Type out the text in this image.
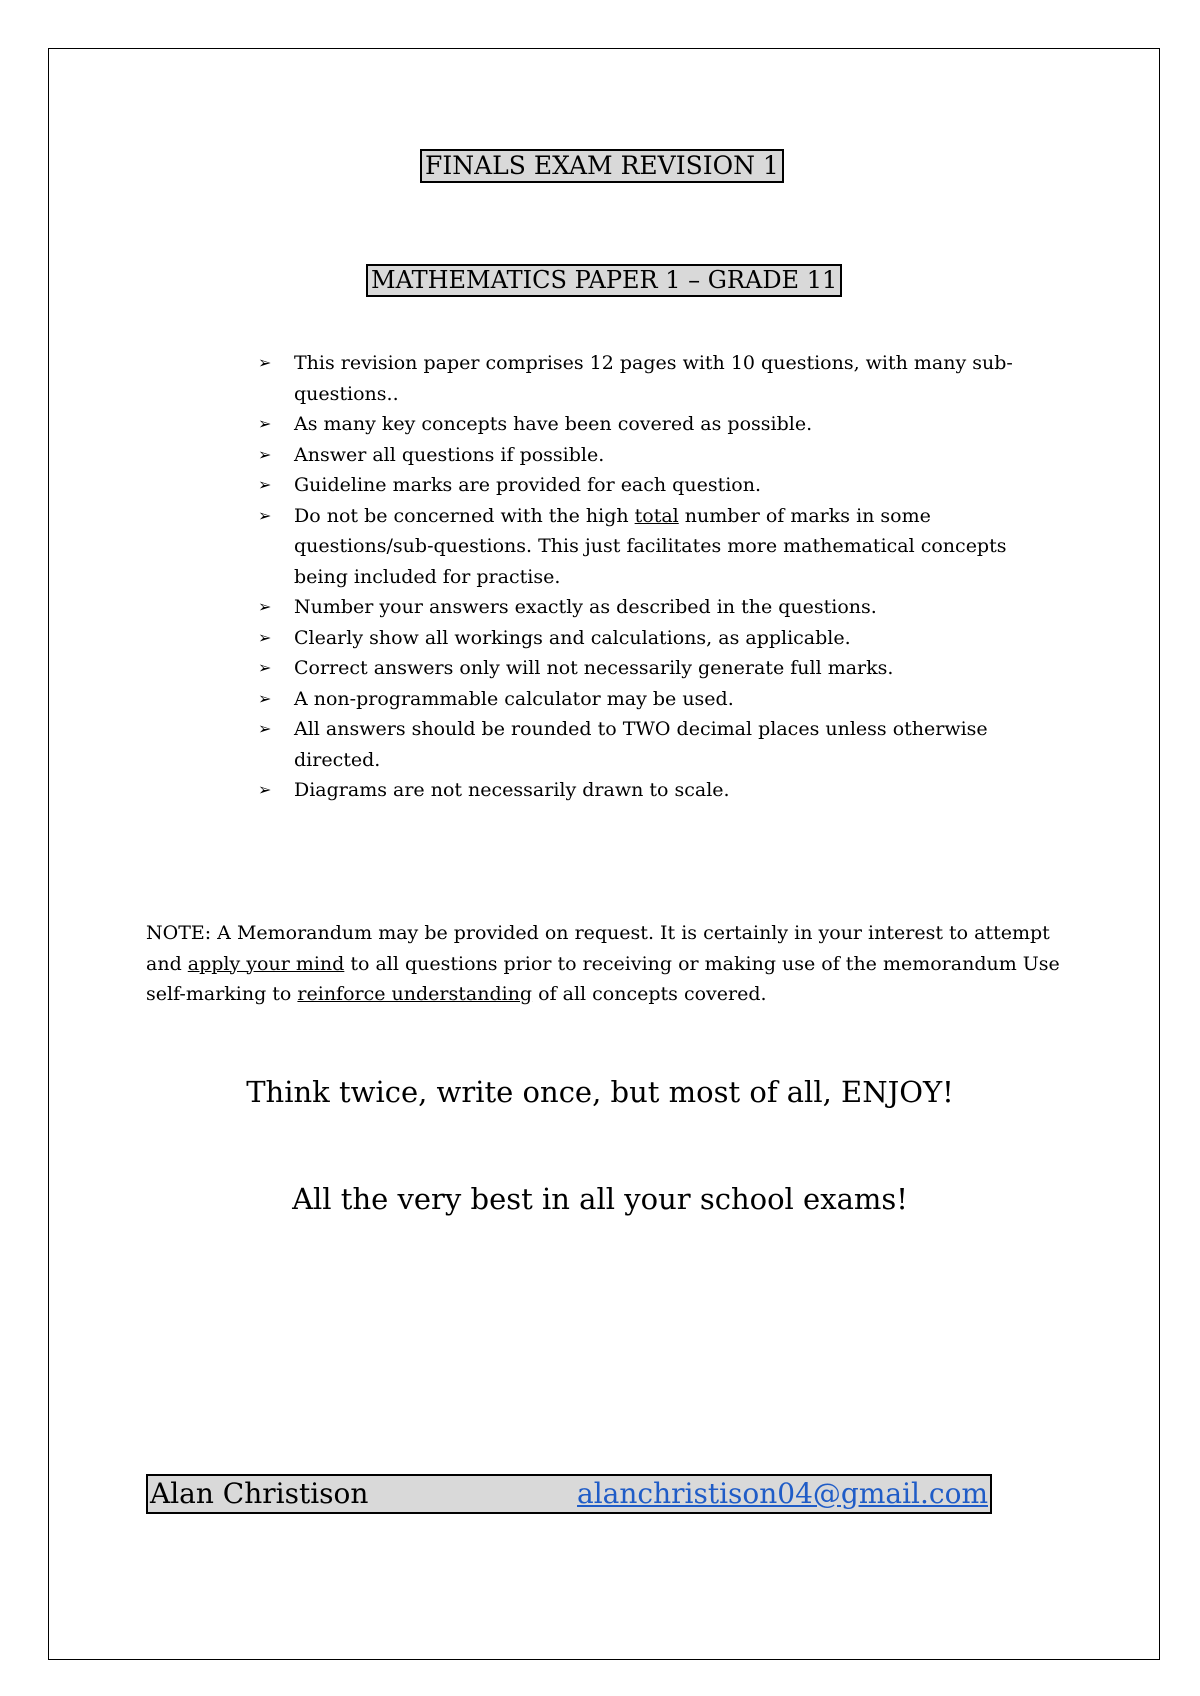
FINALS EXAM REVISION 1
MATHEMATICS PAPER 1 – GRADE 11
➢ This revision paper comprises 12 pages with 10 questions, with many sub-questions..
➢ As many key concepts have been covered as possible.
➢ Answer all questions if possible.
➢ Guideline marks are provided for each question.
➢ Do not be concerned with the high total number of marks in some questions/sub-questions. This just facilitates more mathematical concepts being included for practise.
➢ Number your answers exactly as described in the questions.
➢ Clearly show all workings and calculations, as applicable.
➢ Correct answers only will not necessarily generate full marks.
➢ A non-programmable calculator may be used.
➢ All answers should be rounded to TWO decimal places unless otherwise directed.
➢ Diagrams are not necessarily drawn to scale.
NOTE: A Memorandum may be provided on request. It is certainly in your interest to attempt and apply your mind to all questions prior to receiving or making use of the memorandum Use self-marking to reinforce understanding of all concepts covered.
Think twice, write once, but most of all, ENJOY!
All the very best in all your school exams!
Alan Christison	alanchristison04@gmail.com
